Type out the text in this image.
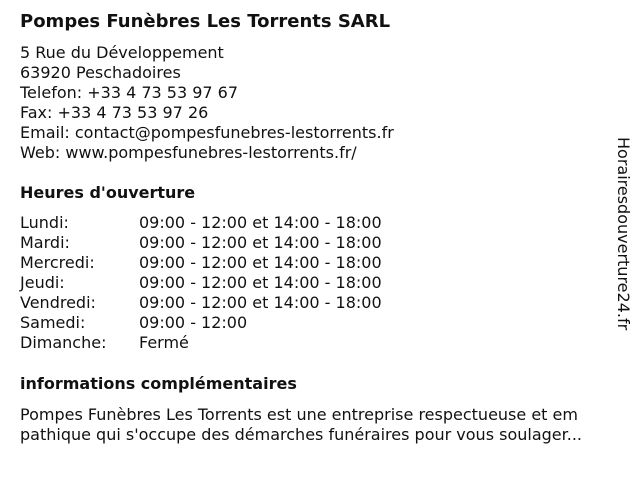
Pompes Funèbres Les Torrents SARL
5 Rue du Développement
63920 Peschadoires
Telefon: +33 4 73 53 97 67
Fax: +33 4 73 53 97 26
Email: contact@pompesfunebres-lestorrents.fr
Web: www.pompesfunebres-lestorrents.fr/
Heures d'ouverture
Lundi:	09:00 - 12:00 et 14:00 - 18:00
Mardi:	09:00 - 12:00 et 14:00 - 18:00
Mercredi:	09:00 - 12:00 et 14:00 - 18:00
Jeudi:	09:00 - 12:00 et 14:00 - 18:00
Vendredi:	09:00 - 12:00 et 14:00 - 18:00
Samedi:	09:00 - 12:00
Dimanche:	Fermé
informations complémentaires
Pompes Funèbres Les Torrents est une entreprise respectueuse et em
pathique qui s'occupe des démarches funéraires pour vous soulager...
Horairesdouverture24.fr
